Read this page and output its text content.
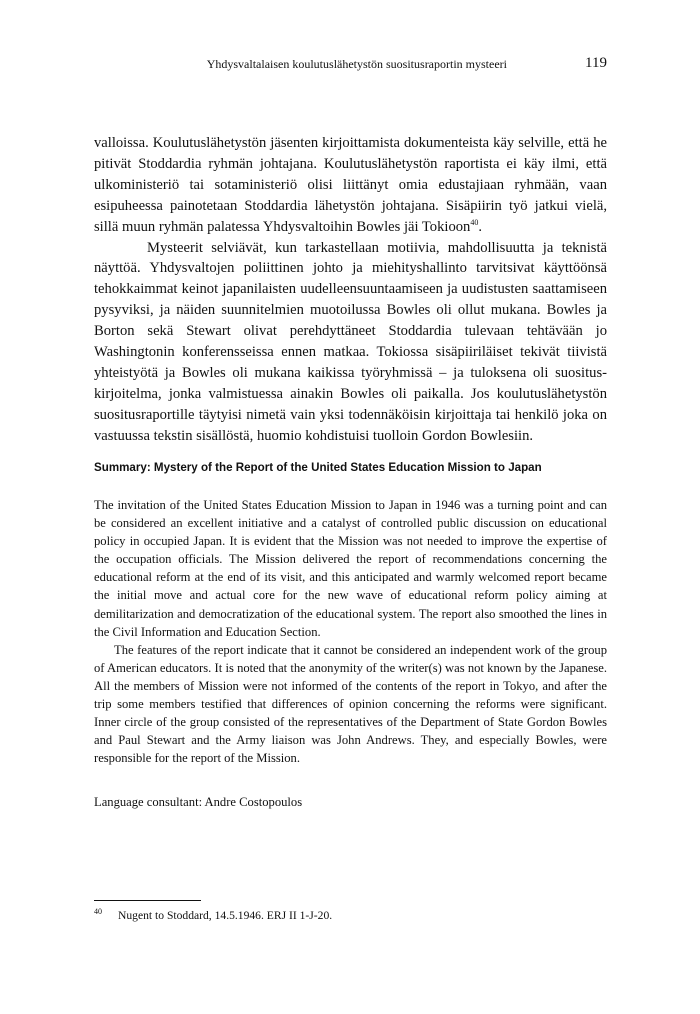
Yhdysvaltalaisen koulutuslähetystön suositusraportin mysteeri	119

valloissa. Koulutuslähetystön jäsenten kirjoittamista dokumenteista käy selville, että he pitivät Stoddardia ryhmän johtajana. Koulutuslähetystön raportista ei käy ilmi, että ulkoministeriö tai sotaministeriö olisi liittänyt omia edustajiaan ryhmään, vaan esipuheessa painotetaan Stoddardia lähetystön johtajana. Sisäpiirin työ jatkui vielä, sillä muun ryhmän palatessa Yhdysvaltoihin Bowles jäi Tokioon$^{40}$.

Mysteerit selviävät, kun tarkastellaan motiivia, mahdollisuutta ja teknistä näyttöä. Yhdysvaltojen poliittinen johto ja miehityshallinto tarvitsivat käyttöönsä tehokkaimmat keinot japanilaisten uudelleensuuntaamiseen ja uudistusten saattamiseen pysyviksi, ja näiden suunnitelmien muotoilussa Bowles oli ollut mukana. Bowles ja Borton sekä Stewart olivat perehdyttäneet Stoddardia tulevaan tehtävään jo Washingtonin konferensseissa ennen matkaa. Tokiossa sisäpiiriläiset tekivät tiivistä yhteistyötä ja Bowles oli mukana kaikissa työryhmissä – ja tuloksena oli suosituskirjoitelma, jonka valmistuessa ainakin Bowles oli paikalla. Jos koulutuslähetystön suositusraportille täytyisi nimetä vain yksi todennäköisin kirjoittaja tai henkilö joka on vastuussa tekstin sisällöstä, huomio kohdistuisi tuolloin Gordon Bowlesiin.

Summary: Mystery of the Report of the United States Education Mission to Japan

The invitation of the United States Education Mission to Japan in 1946 was a turning point and can be considered an excellent initiative and a catalyst of controlled public discussion on educational policy in occupied Japan. It is evident that the Mission was not needed to improve the expertise of the occupation officials. The Mission delivered the report of recommendations concerning the educational reform at the end of its visit, and this anticipated and warmly welcomed report became the initial move and actual core for the new wave of educational reform policy aiming at demilitarization and democratization of the educational system. The report also smoothed the lines in the Civil Information and Education Section.

The features of the report indicate that it cannot be considered an independent work of the group of American educators. It is noted that the anonymity of the writer(s) was not known by the Japanese. All the members of Mission were not informed of the contents of the report in Tokyo, and after the trip some members testified that differences of opinion concerning the reforms were significant. Inner circle of the group consisted of the representatives of the Department of State Gordon Bowles and Paul Stewart and the Army liaison was John Andrews. They, and especially Bowles, were responsible for the report of the Mission.

Language consultant: Andre Costopoulos

$^{40}$ Nugent to Stoddard, 14.5.1946. ERJ II 1-J-20.
